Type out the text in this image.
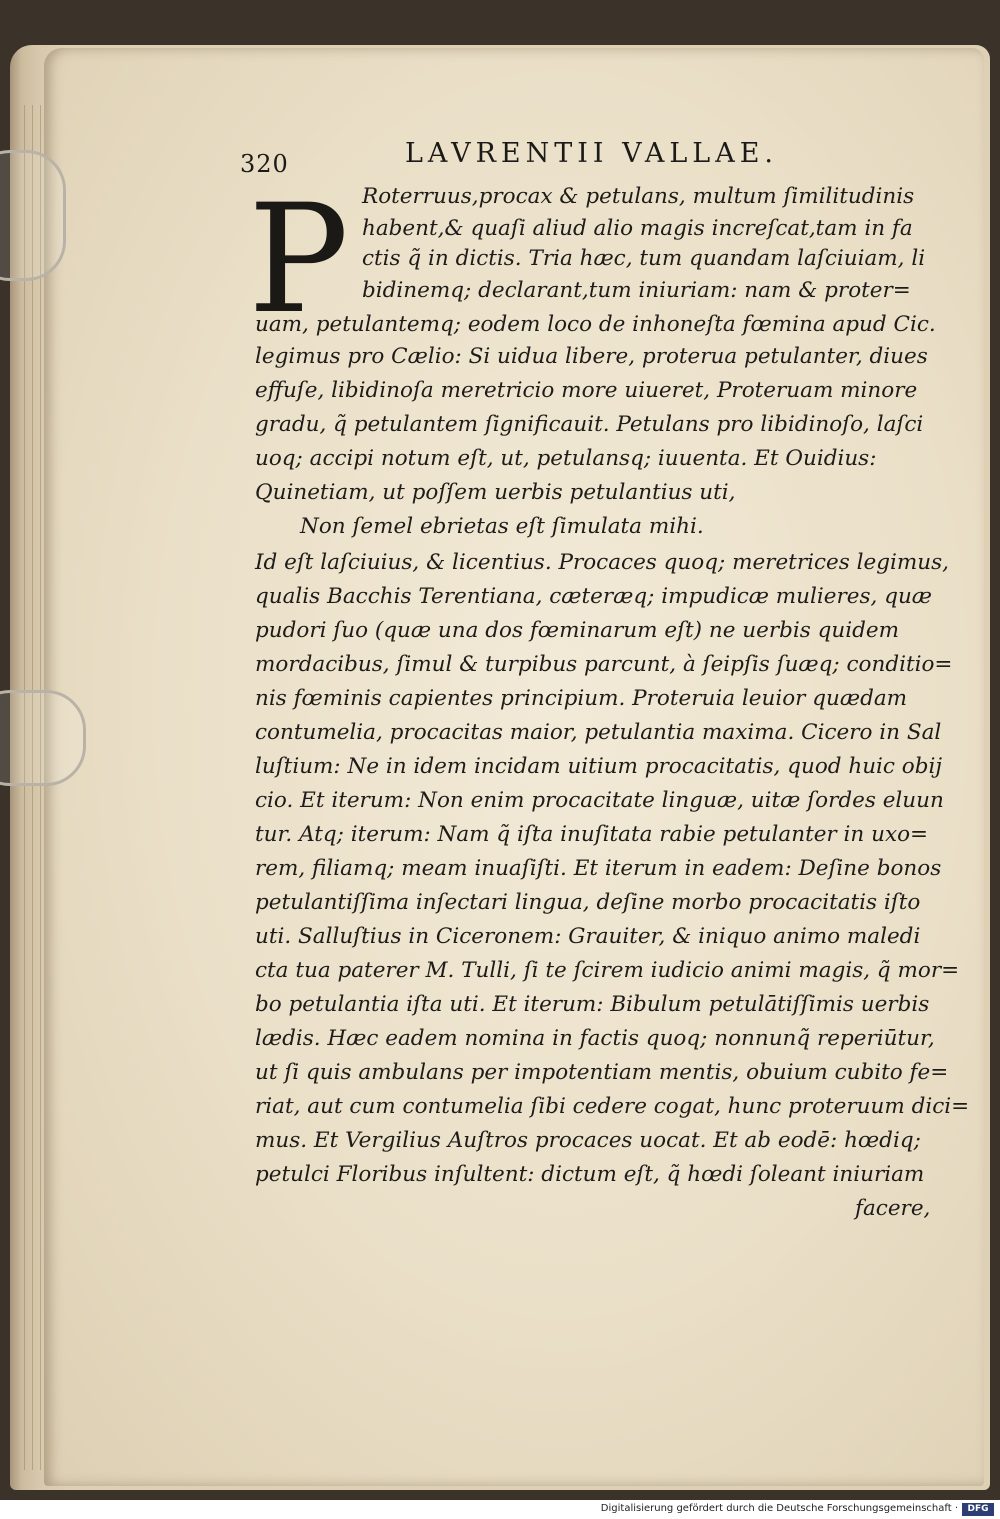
320	LAVRENTII VALLAE.
P Roterruus,procax & petulans, multum ſimilitudinis
habent,& quaſi aliud alio magis increſcat,tam in fa
ctis q̃ in dictis. Tria hæc, tum quandam laſciuiam, li
bidinemq; declarant,tum iniuriam: nam & proter=
uam, petulantemq; eodem loco de inhoneſta fœmina apud Cic.
legimus pro Cælio: Si uidua libere, proterua petulanter, diues
effuſe, libidinoſa meretricio more uiueret, Proteruam minore
gradu, q̃ petulantem ſignificauit. Petulans pro libidinoſo, laſci
uoq; accipi notum eſt, ut, petulansq; iuuenta. Et Ouidius:
Quinetiam, ut poſſem uerbis petulantius uti,
Non ſemel ebrietas eſt ſimulata mihi.
Id eſt laſciuius, & licentius. Procaces quoq; meretrices legimus,
qualis Bacchis Terentiana, cæteræq; impudicæ mulieres, quæ
pudori ſuo (quæ una dos fœminarum eſt) ne uerbis quidem
mordacibus, ſimul & turpibus parcunt, à ſeipſis ſuæq; conditio=
nis fœminis capientes principium. Proteruia leuior quædam
contumelia, procacitas maior, petulantia maxima. Cicero in Sal
luſtium: Ne in idem incidam uitium procacitatis, quod huic obij
cio. Et iterum: Non enim procacitate linguæ, uitæ ſordes eluun
tur. Atq; iterum: Nam q̃ iſta inuſitata rabie petulanter in uxo=
rem, filiamq; meam inuaſiſti. Et iterum in eadem: Deſine bonos
petulantiſſima inſectari lingua, deſine morbo procacitatis iſto
uti. Salluſtius in Ciceronem: Grauiter, & iniquo animo maledi
cta tua paterer M. Tulli, ſi te ſcirem iudicio animi magis, q̃ mor=
bo petulantia iſta uti. Et iterum: Bibulum petulātiſſimis uerbis
lædis. Hæc eadem nomina in factis quoq; nonnunq̃ reperiūtur,
ut ſi quis ambulans per impotentiam mentis, obuium cubito fe=
riat, aut cum contumelia ſibi cedere cogat, hunc proteruum dici=
mus. Et Vergilius Auſtros procaces uocat. Et ab eodē: hœdiq;
petulci Floribus inſultent: dictum eſt, q̃ hœdi ſoleant iniuriam
facere,
Digitalisierung gefördert durch die Deutsche Forschungsgemeinschaft ·	DFG
